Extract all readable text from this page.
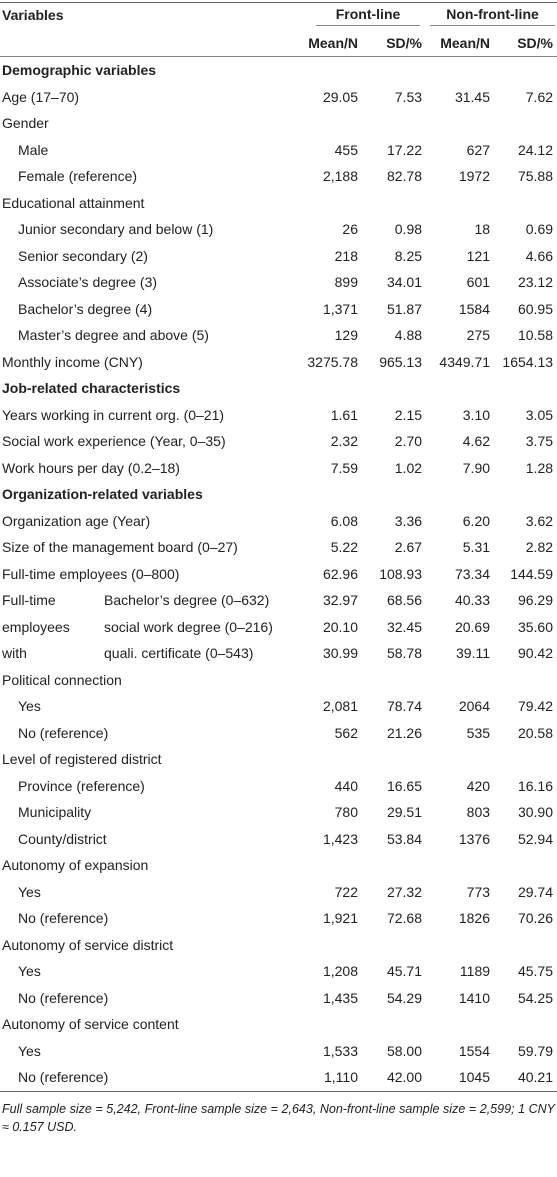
Variables		Front-line		Non-front-line	

		Mean/N	SD/%	Mean/N	SD/%
Demographic variables					
Age (17–70)		29.05	7.53	31.45	7.62
Gender					
Male		455	17.22	627	24.12
Female (reference)		2,188	82.78	1972	75.88
Educational attainment					
Junior secondary and below (1)		26	0.98	18	0.69
Senior secondary (2)		218	8.25	121	4.66
Associate’s degree (3)		899	34.01	601	23.12
Bachelor’s degree (4)		1,371	51.87	1584	60.95
Master’s degree and above (5)		129	4.88	275	10.58
Monthly income (CNY)		3275.78	965.13	4349.71	1654.13
Job-related characteristics					
Years working in current org. (0–21)		1.61	2.15	3.10	3.05
Social work experience (Year, 0–35)		2.32	2.70	4.62	3.75
Work hours per day (0.2–18)		7.59	1.02	7.90	1.28
Organization-related variables					
Organization age (Year)		6.08	3.36	6.20	3.62
Size of the management board (0–27)		5.22	2.67	5.31	2.82
Full-time employees (0–800)		62.96	108.93	73.34	144.59
Full-time	Bachelor’s degree (0–632)	32.97	68.56	40.33	96.29
employees	social work degree (0–216)	20.10	32.45	20.69	35.60
with	quali. certificate (0–543)	30.99	58.78	39.11	90.42
Political connection					
Yes		2,081	78.74	2064	79.42
No (reference)		562	21.26	535	20.58
Level of registered district					
Province (reference)		440	16.65	420	16.16
Municipality		780	29.51	803	30.90
County/district		1,423	53.84	1376	52.94
Autonomy of expansion					
Yes		722	27.32	773	29.74
No (reference)		1,921	72.68	1826	70.26
Autonomy of service district					
Yes		1,208	45.71	1189	45.75
No (reference)		1,435	54.29	1410	54.25
Autonomy of service content					
Yes		1,533	58.00	1554	59.79
No (reference)		1,110	42.00	1045	40.21
Full sample size = 5,242, Front-line sample size = 2,643, Non-front-line sample size = 2,599; 1 CNY ≈ 0.157 USD.
